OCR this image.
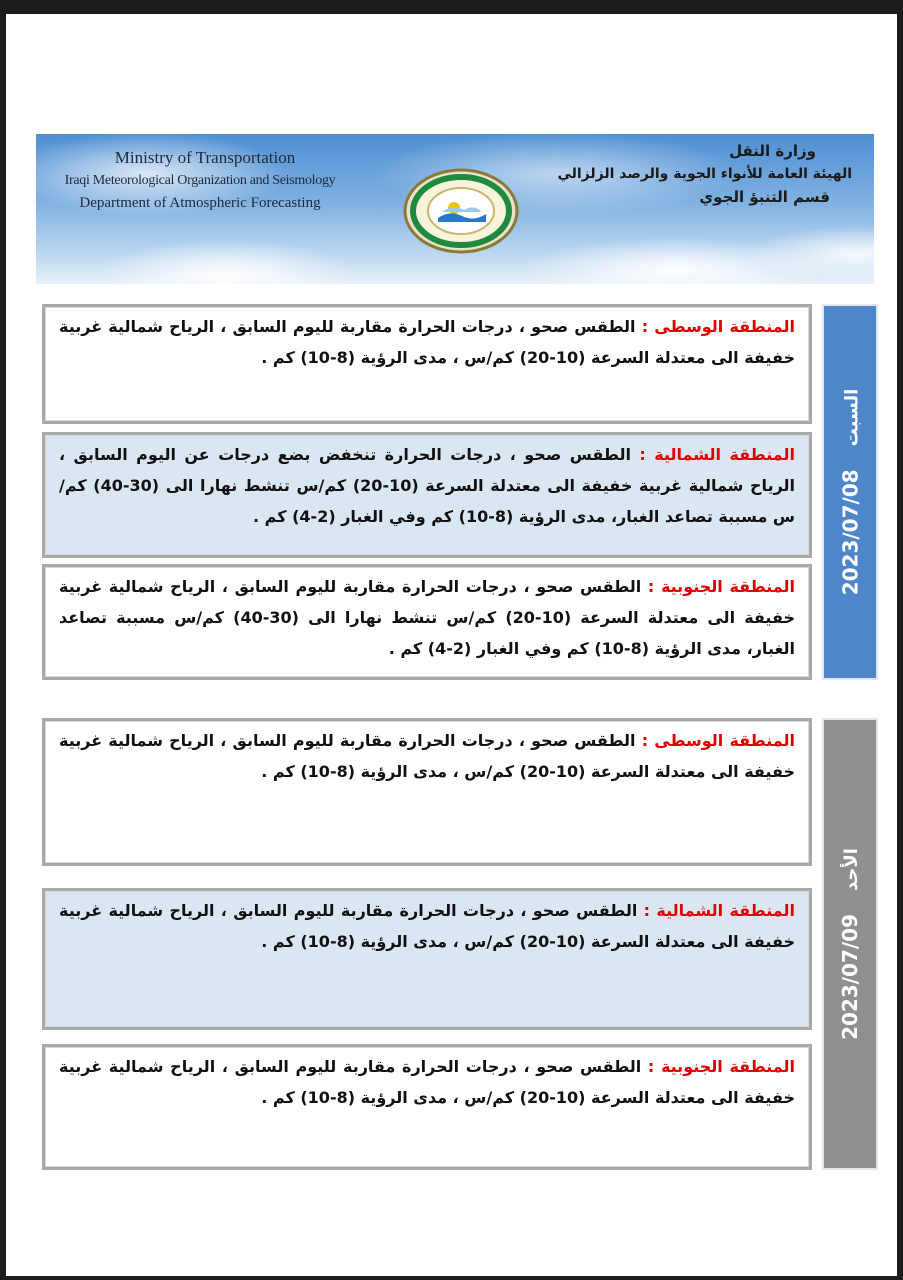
Ministry of Transportation
Iraqi Meteorological Organization and Seismology
Department of Atmospheric Forecasting
وزارة النقل
الهيئة العامة للأنواء الجوية والرصد الزلزالي
قسم التنبؤ الجوي
المنطقة الوسطى : الطقس صحو ، درجات الحرارة مقاربة لليوم السابق ، الرياح شمالية غربية خفيفة الى معتدلة السرعة (10-20) كم/س ، مدى الرؤية (8-10) كم .
المنطقة الشمالية : الطقس صحو ، درجات الحرارة تنخفض بضع درجات عن اليوم السابق ، الرياح شمالية غربية خفيفة الى معتدلة السرعة (10-20) كم/س تنشط نهارا الى (30-40) كم/س مسببة تصاعد الغبار، مدى الرؤية (8-10) كم وفي الغبار (2-4) كم .
المنطقة الجنوبية : الطقس صحو ، درجات الحرارة مقاربة لليوم السابق ، الرياح شمالية غربية خفيفة الى معتدلة السرعة (10-20) كم/س تنشط نهارا الى (30-40) كم/س مسببة تصاعد الغبار، مدى الرؤية (8-10) كم وفي الغبار (2-4) كم .
2023/07/08 السبت
المنطقة الوسطى : الطقس صحو ، درجات الحرارة مقاربة لليوم السابق ، الرياح شمالية غربية خفيفة الى معتدلة السرعة (10-20) كم/س ، مدى الرؤية (8-10) كم .
المنطقة الشمالية : الطقس صحو ، درجات الحرارة مقاربة لليوم السابق ، الرياح شمالية غربية خفيفة الى معتدلة السرعة (10-20) كم/س ، مدى الرؤية (8-10) كم .
المنطقة الجنوبية : الطقس صحو ، درجات الحرارة مقاربة لليوم السابق ، الرياح شمالية غربية خفيفة الى معتدلة السرعة (10-20) كم/س ، مدى الرؤية (8-10) كم .
2023/07/09 الأحد
